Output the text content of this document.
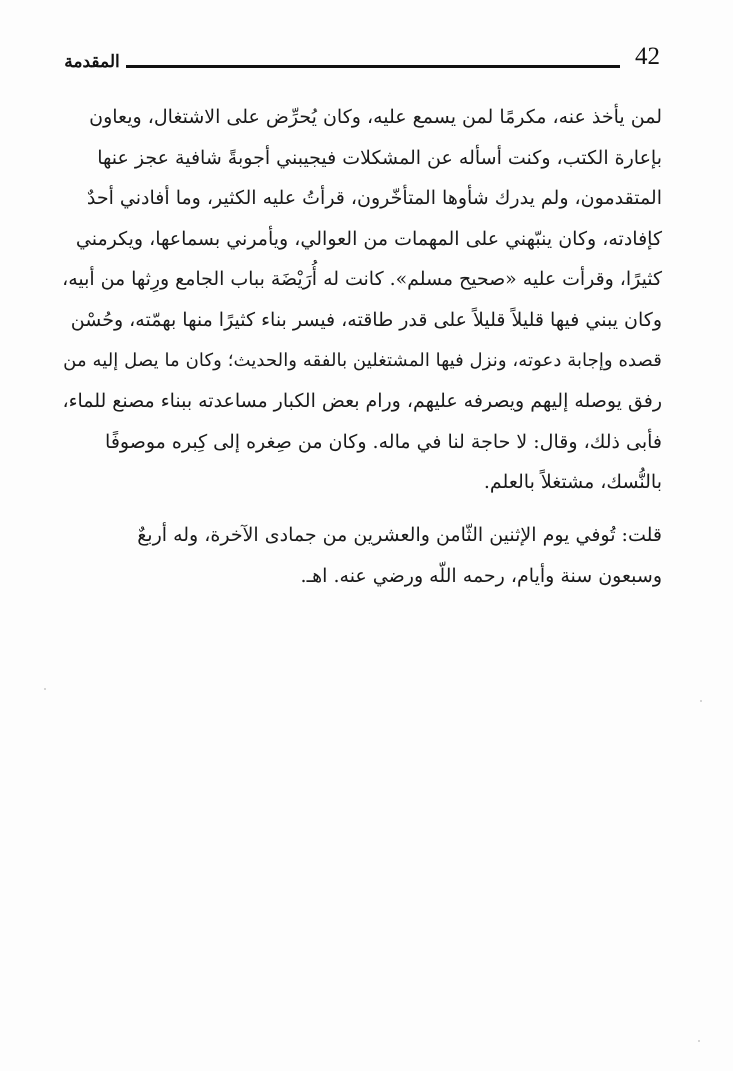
42
المقدمة

لمن يأخذ عنه، مكرمًا لمن يسمع عليه، وكان يُحرِّض على الاشتغال، ويعاون
بإعارة الكتب، وكنت أسأله عن المشكلات فيجيبني أجوبةً شافية عجز عنها
المتقدمون، ولم يدرك شأوها المتأخّرون، قرأتُ عليه الكثير، وما أفادني أحدٌ
كإفادته، وكان ينبّهني على المهمات من العوالي، ويأمرني بسماعها، ويكرمني
كثيرًا، وقرأت عليه «صحيح مسلم». كانت له أُرَيْضَة بباب الجامع ورِثها من أبيه،
وكان يبني فيها قليلاً قليلاً على قدر طاقته، فيسر بناء كثيرًا منها بهمّته، وحُسْن
قصده وإجابة دعوته، ونزل فيها المشتغلين بالفقه والحديث؛ وكان ما يصل إليه من
رفق يوصله إليهم ويصرفه عليهم، ورام بعض الكبار مساعدته ببناء مصنع للماء،
فأبى ذلك، وقال: لا حاجة لنا في ماله. وكان من صِغره إلى كِبره موصوفًا
بالنُّسك، مشتغلاً بالعلم.

قلت: تُوفي يوم الإثنين الثّامن والعشرين من جمادى الآخرة، وله أربعٌ
وسبعون سنة وأيام، رحمه اللّه ورضي عنه. اهـ.
